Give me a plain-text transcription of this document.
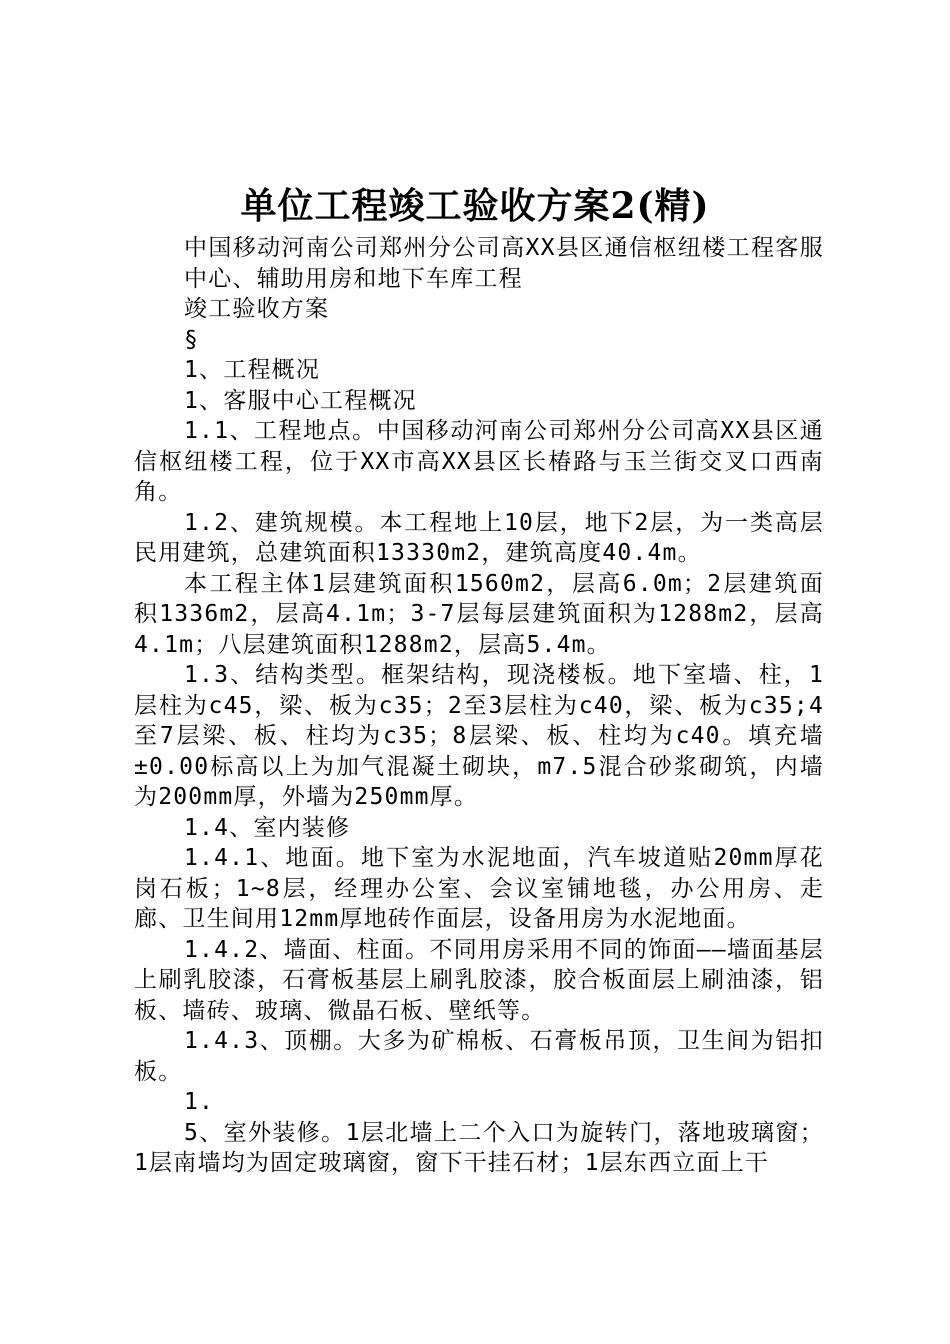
单位工程竣工验收方案2(精)

中国移动河南公司郑州分公司高XX县区通信枢纽楼工程客服中心、辅助用房和地下车库工程

竣工验收方案

§

1、工程概况

1、客服中心工程概况

1.1、工程地点。中国移动河南公司郑州分公司高XX县区通信枢纽楼工程，位于XX市高XX县区长椿路与玉兰街交叉口西南角。

1.2、建筑规模。本工程地上10层，地下2层，为一类高层民用建筑，总建筑面积13330m2，建筑高度40.4m。

本工程主体1层建筑面积1560m2，层高6.0m；2层建筑面积1336m2，层高4.1m；3-7层每层建筑面积为1288m2，层高4.1m；八层建筑面积1288m2，层高5.4m。

1.3、结构类型。框架结构，现浇楼板。地下室墙、柱，1层柱为c45，梁、板为c35；2至3层柱为c40，梁、板为c35;4至7层梁、板、柱均为c35；8层梁、板、柱均为c40。填充墙±0.00标高以上为加气混凝土砌块，m7.5混合砂浆砌筑，内墙为200mm厚，外墙为250mm厚。

1.4、室内装修

1.4.1、地面。地下室为水泥地面，汽车坡道贴20mm厚花岗石板；1~8层，经理办公室、会议室铺地毯，办公用房、走廊、卫生间用12mm厚地砖作面层，设备用房为水泥地面。

1.4.2、墙面、柱面。不同用房采用不同的饰面——墙面基层上刷乳胶漆，石膏板基层上刷乳胶漆，胶合板面层上刷油漆，铝板、墙砖、玻璃、微晶石板、壁纸等。

1.4.3、顶棚。大多为矿棉板、石膏板吊顶，卫生间为铝扣板。

1.

5、室外装修。1层北墙上二个入口为旋转门，落地玻璃窗；1层南墙均为固定玻璃窗，窗下干挂石材；1层东西立面上干
